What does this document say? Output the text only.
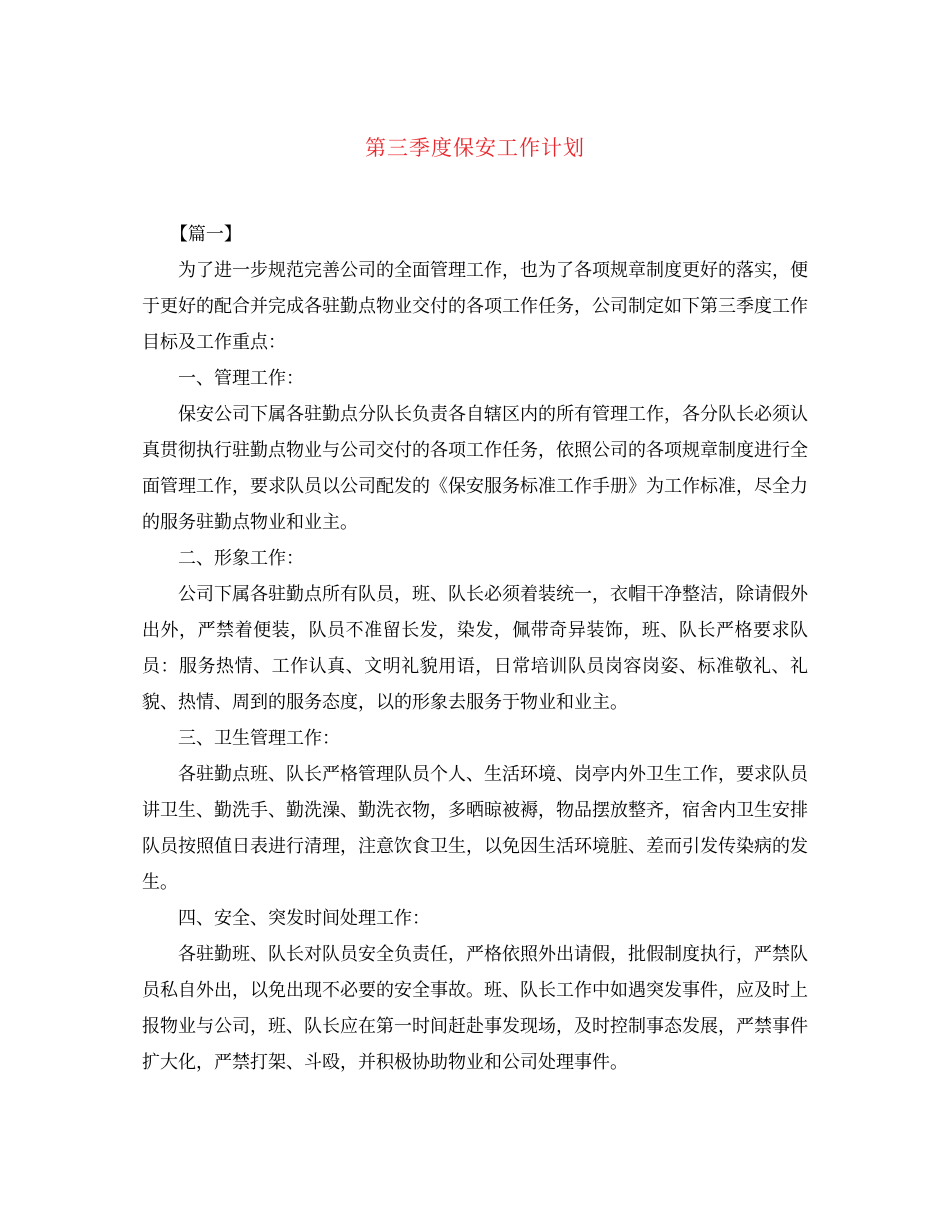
第三季度保安工作计划

【篇一】

为了进一步规范完善公司的全面管理工作，也为了各项规章制度更好的落实，便于更好的配合并完成各驻勤点物业交付的各项工作任务，公司制定如下第三季度工作目标及工作重点：

一、管理工作：

保安公司下属各驻勤点分队长负责各自辖区内的所有管理工作，各分队长必须认真贯彻执行驻勤点物业与公司交付的各项工作任务，依照公司的各项规章制度进行全面管理工作，要求队员以公司配发的《保安服务标准工作手册》为工作标准，尽全力的服务驻勤点物业和业主。

二、形象工作：

公司下属各驻勤点所有队员，班、队长必须着装统一，衣帽干净整洁，除请假外出外，严禁着便装，队员不准留长发，染发，佩带奇异装饰，班、队长严格要求队员：服务热情、工作认真、文明礼貌用语，日常培训队员岗容岗姿、标准敬礼、礼貌、热情、周到的服务态度，以的形象去服务于物业和业主。

三、卫生管理工作：

各驻勤点班、队长严格管理队员个人、生活环境、岗亭内外卫生工作，要求队员讲卫生、勤洗手、勤洗澡、勤洗衣物，多晒晾被褥，物品摆放整齐，宿舍内卫生安排队员按照值日表进行清理，注意饮食卫生，以免因生活环境脏、差而引发传染病的发生。

四、安全、突发时间处理工作：

各驻勤班、队长对队员安全负责任，严格依照外出请假，批假制度执行，严禁队员私自外出，以免出现不必要的安全事故。班、队长工作中如遇突发事件，应及时上报物业与公司，班、队长应在第一时间赶赴事发现场，及时控制事态发展，严禁事件扩大化，严禁打架、斗殴，并积极协助物业和公司处理事件。
